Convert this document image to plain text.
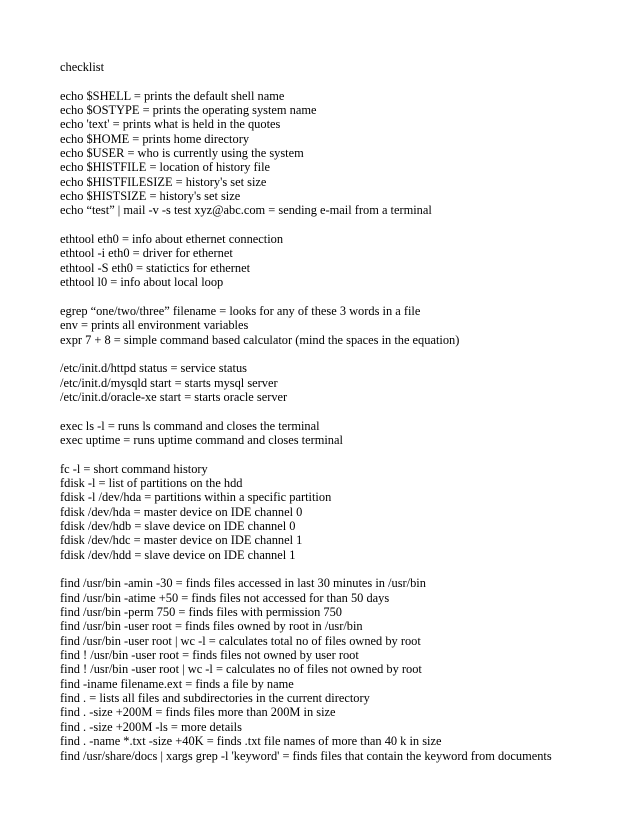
checklist
echo $SHELL = prints the default shell name
echo $OSTYPE = prints the operating system name
echo 'text' = prints what is held in the quotes
echo $HOME = prints home directory
echo $USER = who is currently using the system
echo $HISTFILE = location of history file
echo $HISTFILESIZE = history's set size
echo $HISTSIZE = history's set size
echo “test” | mail -v -s test xyz@abc.com = sending e-mail from a terminal
ethtool eth0 = info about ethernet connection
ethtool -i eth0 = driver for ethernet
ethtool -S eth0 = statictics for ethernet
ethtool l0 = info about local loop
egrep “one/two/three” filename = looks for any of these 3 words in a file
env = prints all environment variables
expr 7 + 8 = simple command based calculator (mind the spaces in the equation)
/etc/init.d/httpd status = service status
/etc/init.d/mysqld start = starts mysql server
/etc/init.d/oracle-xe start = starts oracle server
exec ls -l = runs ls command and closes the terminal
exec uptime = runs uptime command and closes terminal
fc -l = short command history
fdisk -l = list of partitions on the hdd
fdisk -l /dev/hda = partitions within a specific partition
fdisk /dev/hda = master device on IDE channel 0
fdisk /dev/hdb = slave device on IDE channel 0
fdisk /dev/hdc = master device on IDE channel 1
fdisk /dev/hdd = slave device on IDE channel 1
find /usr/bin -amin -30 = finds files accessed in last 30 minutes in /usr/bin
find /usr/bin -atime +50 = finds files not accessed for than 50 days
find /usr/bin -perm 750 = finds files with permission 750
find /usr/bin -user root = finds files owned by root in /usr/bin
find /usr/bin -user root | wc -l = calculates total no of files owned by root
find ! /usr/bin -user root = finds files not owned by user root
find ! /usr/bin -user root | wc -l = calculates no of files not owned by root
find -iname filename.ext = finds a file by name
find . = lists all files and subdirectories in the current directory
find . -size +200M = finds files more than 200M in size
find . -size +200M -ls = more details
find . -name *.txt -size +40K = finds .txt file names of more than 40 k in size
find /usr/share/docs | xargs grep -l 'keyword' = finds files that contain the keyword from documents
